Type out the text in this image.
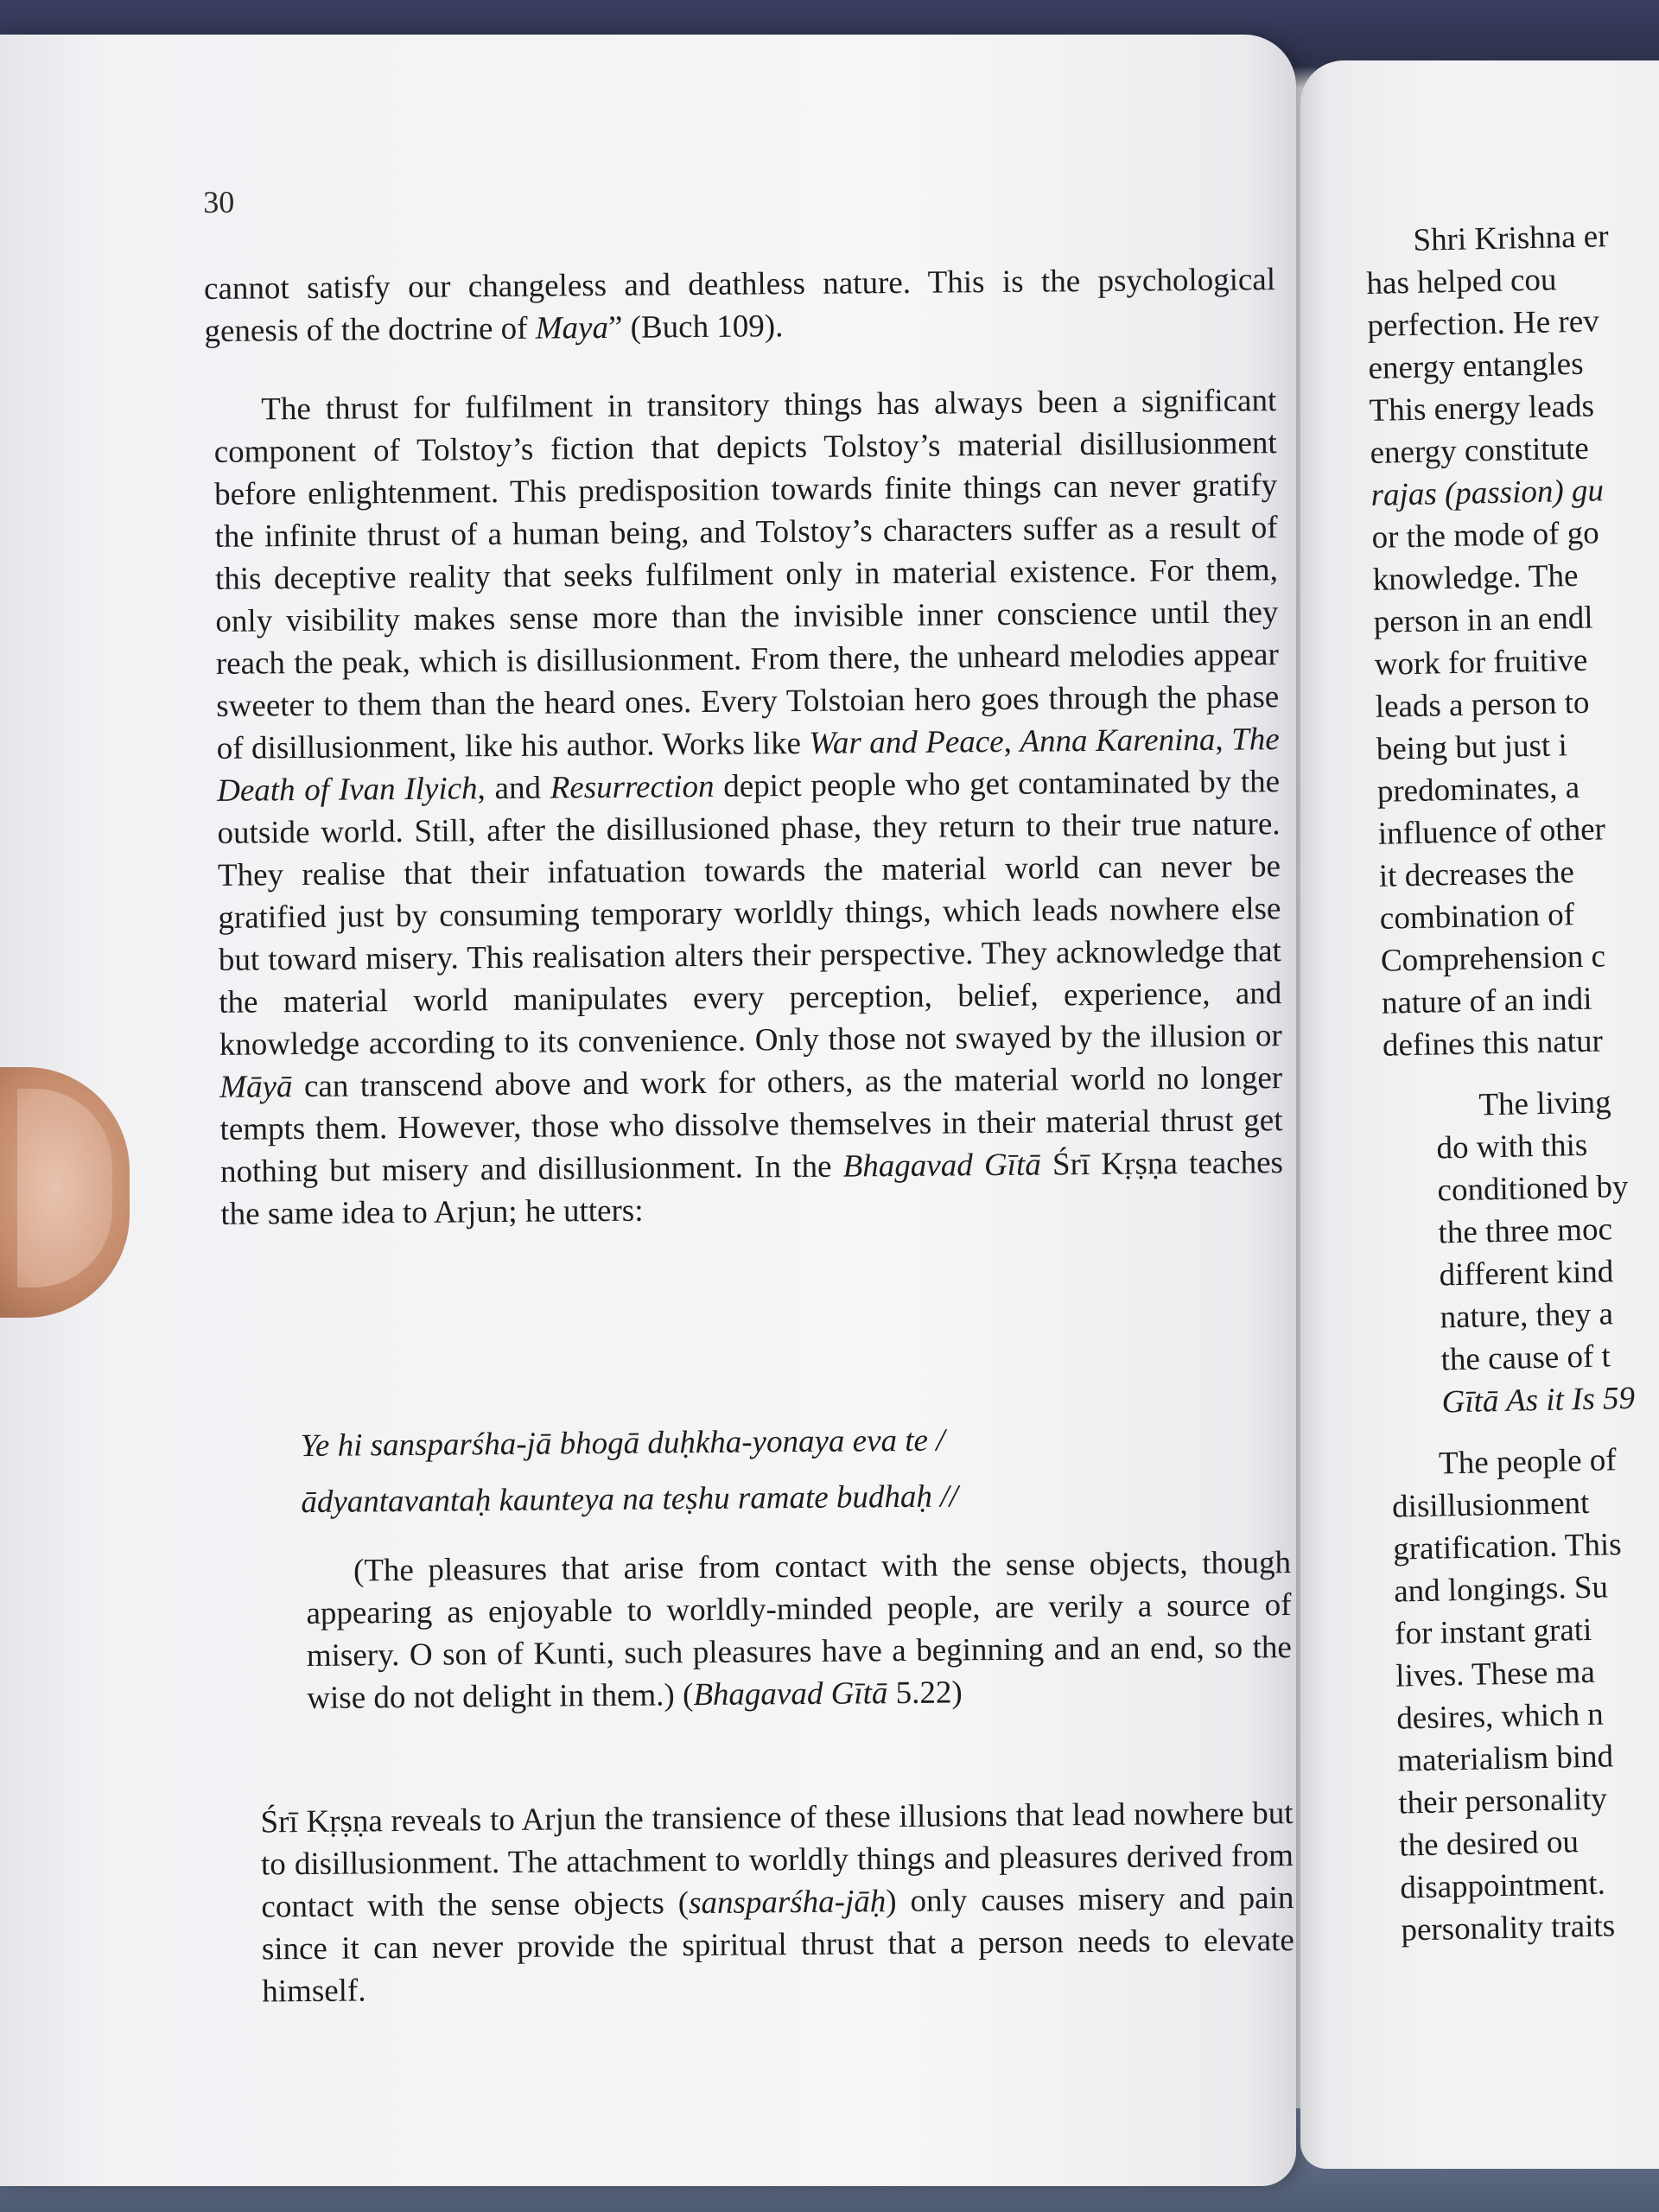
30

cannot satisfy our changeless and deathless nature. This is the psychological genesis of the doctrine of Maya” (Buch 109).

The thrust for fulfilment in transitory things has always been a significant component of Tolstoy’s fiction that depicts Tolstoy’s material disillusionment before enlightenment. This predisposition towards finite things can never gratify the infinite thrust of a human being, and Tolstoy’s characters suffer as a result of this deceptive reality that seeks fulfilment only in material existence. For them, only visibility makes sense more than the invisible inner conscience until they reach the peak, which is disillusionment. From there, the unheard melodies appear sweeter to them than the heard ones. Every Tolstoian hero goes through the phase of disillusionment, like his author. Works like War and Peace, Anna Karenina, The Death of Ivan Ilyich, and Resurrection depict people who get contaminated by the outside world. Still, after the disillusioned phase, they return to their true nature. They realise that their infatuation towards the material world can never be gratified just by consuming temporary worldly things, which leads nowhere else but toward misery. This realisation alters their perspective. They acknowledge that the material world manipulates every perception, belief, experience, and knowledge according to its convenience. Only those not swayed by the illusion or Māyā can transcend above and work for others, as the material world no longer tempts them. However, those who dissolve themselves in their material thrust get nothing but misery and disillusionment. In the Bhagavad Gītā Śrī Kṛṣṇa teaches the same idea to Arjun; he utters:

Ye hi sansparśha-jā bhogā duḥkha-yonaya eva te /
ādyantavantaḥ kaunteya na teṣhu ramate budhaḥ //

(The pleasures that arise from contact with the sense objects, though appearing as enjoyable to worldly-minded people, are verily a source of misery. O son of Kunti, such pleasures have a beginning and an end, so the wise do not delight in them.) (Bhagavad Gītā 5.22)

Śrī Kṛṣṇa reveals to Arjun the transience of these illusions that lead nowhere but to disillusionment. The attachment to worldly things and pleasures derived from contact with the sense objects (sansparśha-jāḥ) only causes misery and pain since it can never provide the spiritual thrust that a person needs to elevate himself.

Shri Krishna er

has helped cou

perfection. He rev

energy entangles

This energy leads

energy constitute

rajas (passion) gu

or the mode of go

knowledge. The

person in an endl

work for fruitive

leads a person to

being but just i

predominates, a

influence of other

it decreases the

combination of

Comprehension c

nature of an indi

defines this natur

The living

do with this

conditioned by

the three moc

different kind

nature, they a

the cause of t

Gītā As it Is 59

The people of

disillusionment

gratification. This

and longings. Su

for instant grati

lives. These ma

desires, which n

materialism bind

their personality

the desired ou

disappointment.

personality traits
